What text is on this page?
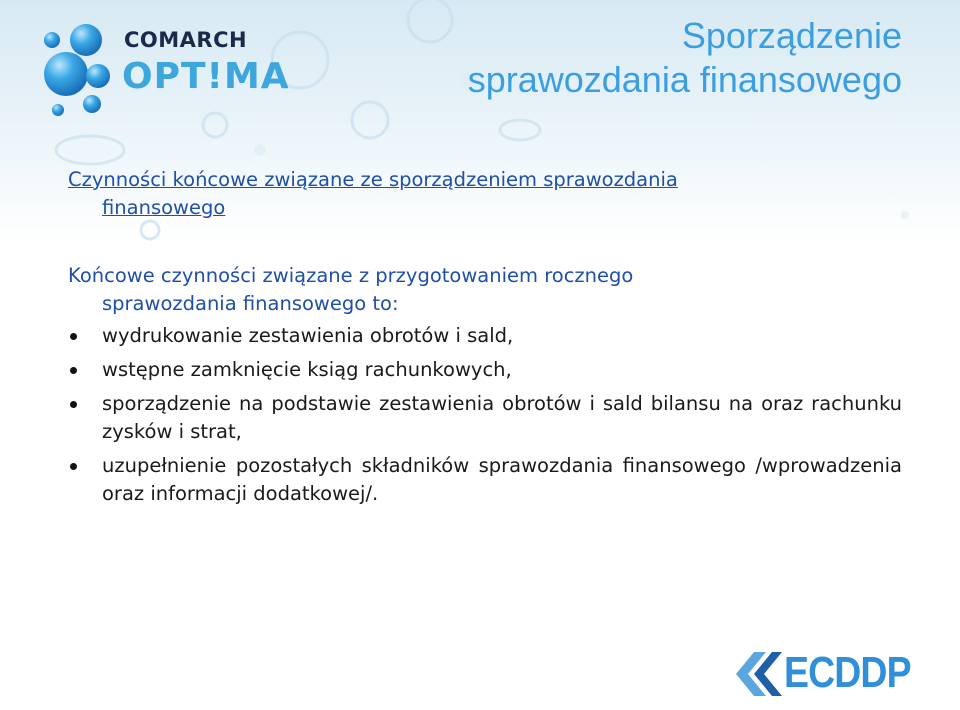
COMARCH
OPT!MA
Sporządzenie
sprawozdania finansowego

Czynności końcowe związane ze sporządzeniem sprawozdania
finansowego

Końcowe czynności związane z przygotowaniem rocznego
sprawozdania finansowego to:

wydrukowanie zestawienia obrotów i sald,
wstępne zamknięcie ksiąg rachunkowych,
sporządzenie na podstawie zestawienia obrotów i sald bilansu na oraz rachunku zysków i strat,
uzupełnienie pozostałych składników sprawozdania finansowego /wprowadzenia oraz informacji dodatkowej/.
ECDDP
